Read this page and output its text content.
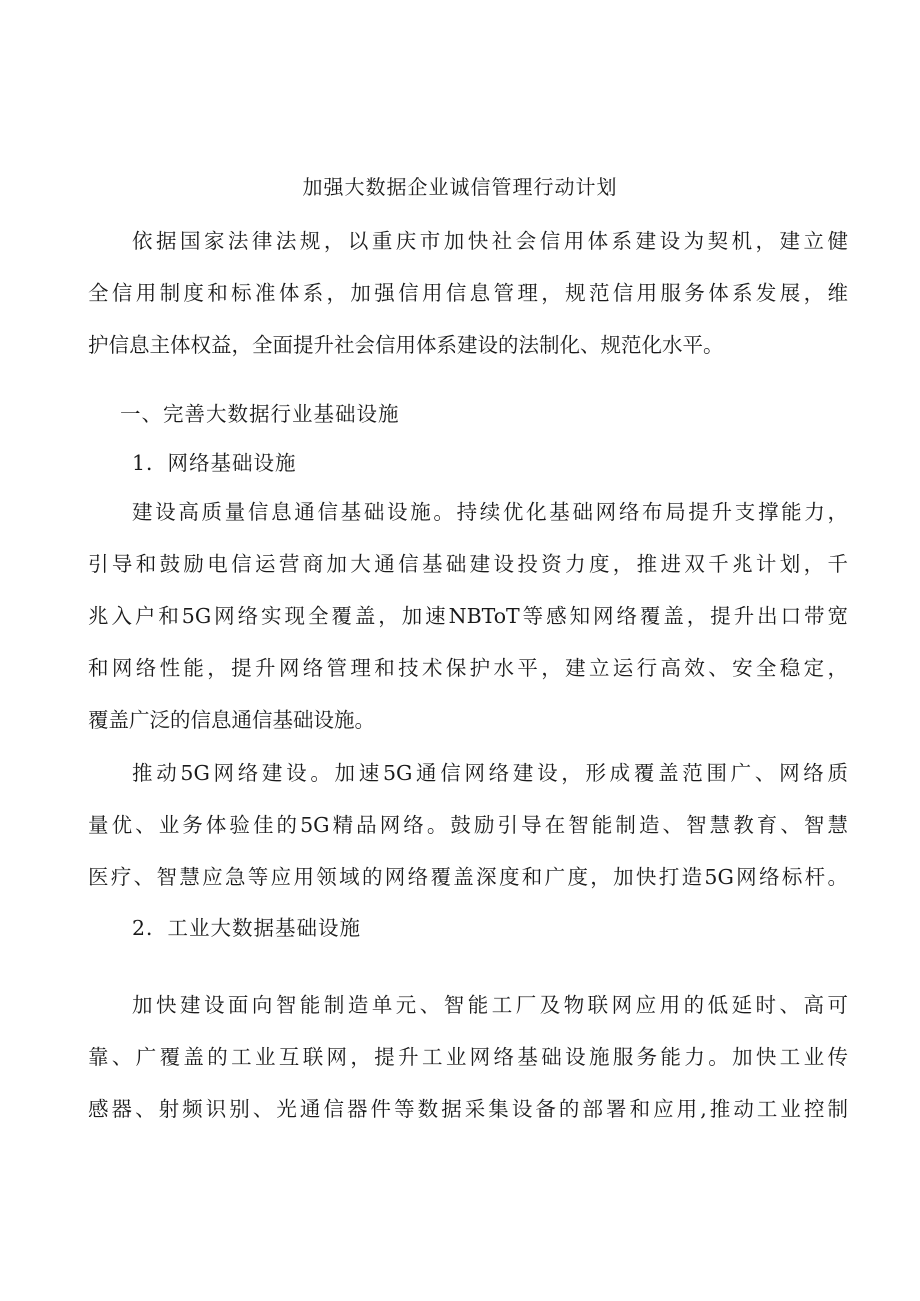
加强大数据企业诚信管理行动计划
依据国家法律法规，以重庆市加快社会信用体系建设为契机，建立健
全信用制度和标准体系，加强信用信息管理，规范信用服务体系发展，维
护信息主体权益，全面提升社会信用体系建设的法制化、规范化水平。
一、完善大数据行业基础设施
1．网络基础设施
建设高质量信息通信基础设施。持续优化基础网络布局提升支撑能力，
引导和鼓励电信运营商加大通信基础建设投资力度，推进双千兆计划，千
兆入户和5G网络实现全覆盖，加速NBToT等感知网络覆盖，提升出口带宽
和网络性能，提升网络管理和技术保护水平，建立运行高效、安全稳定，
覆盖广泛的信息通信基础设施。
推动5G网络建设。加速5G通信网络建设，形成覆盖范围广、网络质
量优、业务体验佳的5G精品网络。鼓励引导在智能制造、智慧教育、智慧
医疗、智慧应急等应用领域的网络覆盖深度和广度，加快打造5G网络标杆。
2．工业大数据基础设施
加快建设面向智能制造单元、智能工厂及物联网应用的低延时、高可
靠、广覆盖的工业互联网，提升工业网络基础设施服务能力。加快工业传
感器、射频识别、光通信器件等数据采集设备的部署和应用,推动工业控制
